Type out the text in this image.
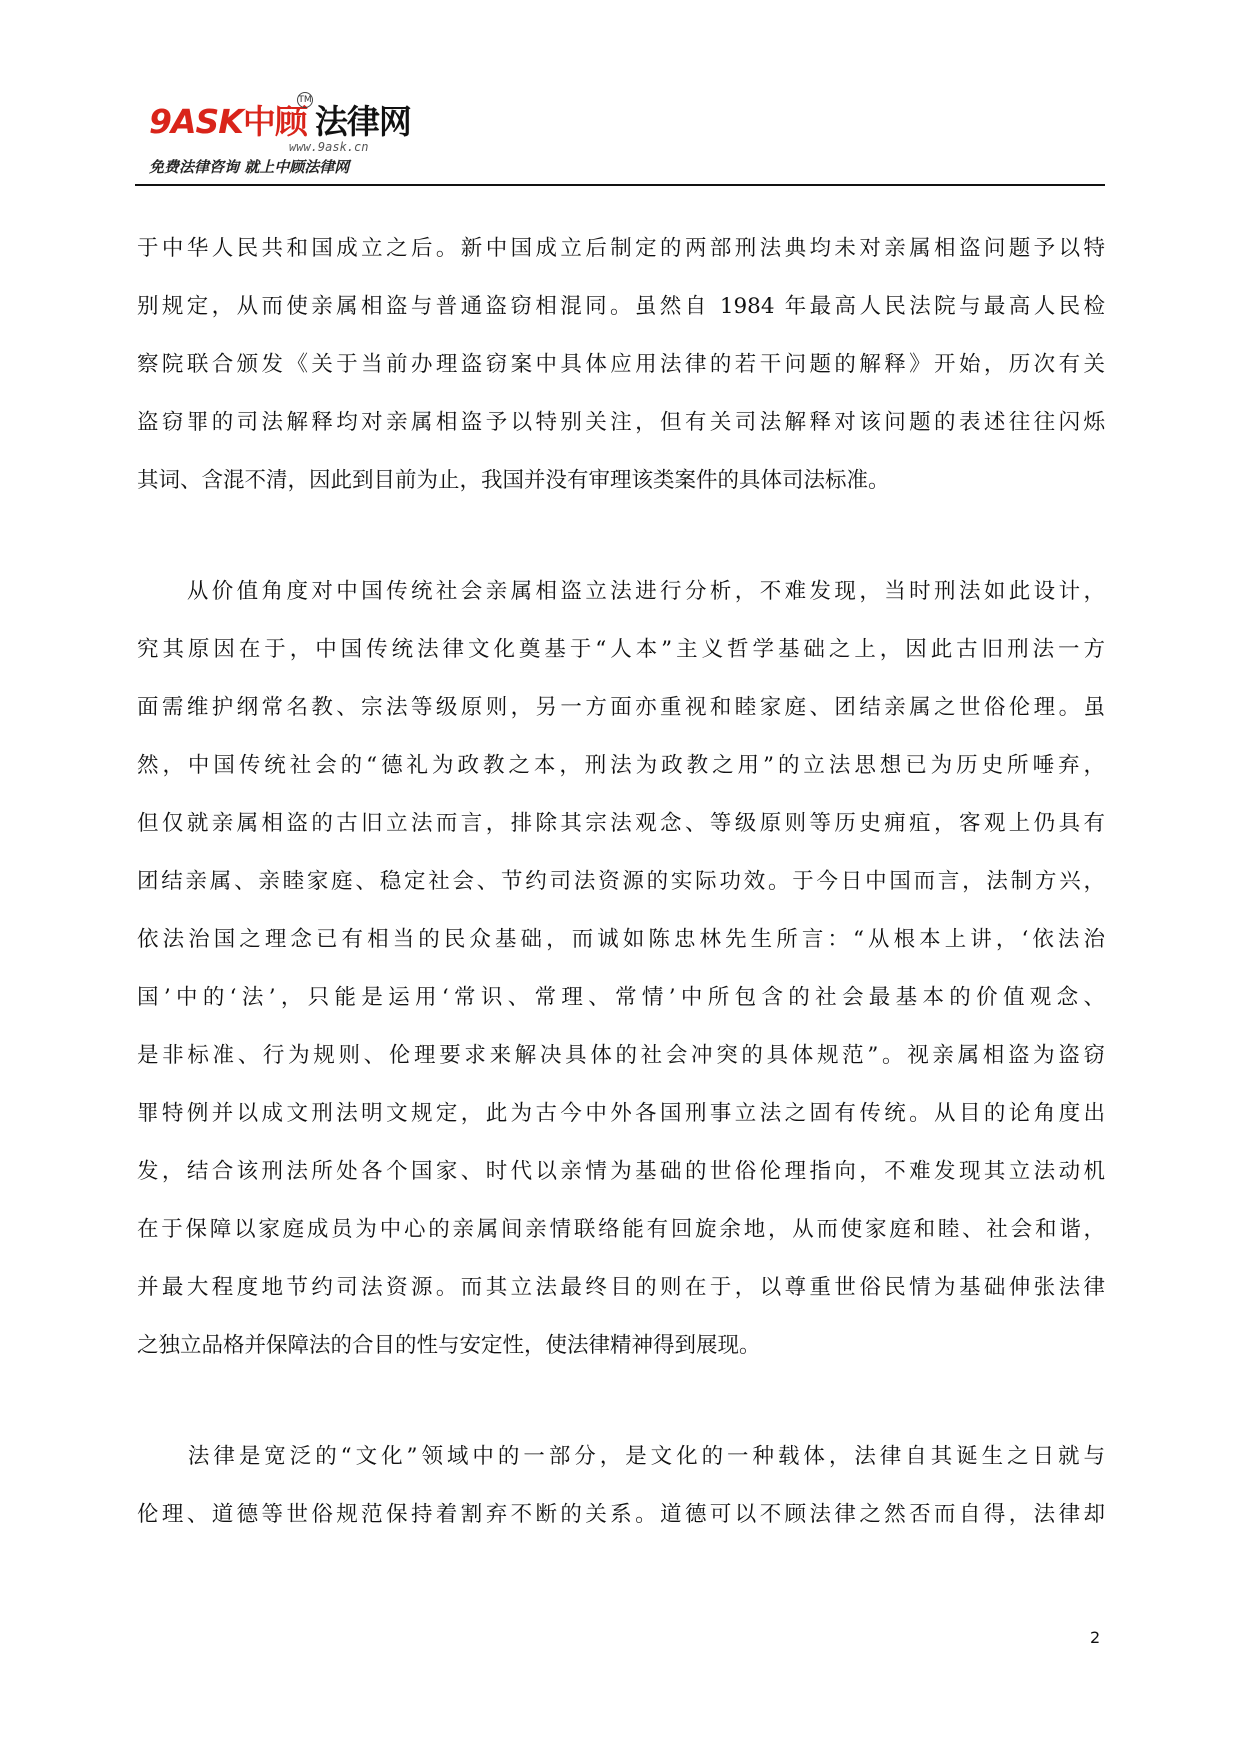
9ASK中顾 法律网
TM
www.9ask.cn
免费法律咨询 就上中顾法律网
于中华人民共和国成立之后。新中国成立后制定的两部刑法典均未对亲属相盗问题予以特
别规定，从而使亲属相盗与普通盗窃相混同。虽然自 1984 年最高人民法院与最高人民检
察院联合颁发《关于当前办理盗窃案中具体应用法律的若干问题的解释》开始，历次有关
盗窃罪的司法解释均对亲属相盗予以特别关注，但有关司法解释对该问题的表述往往闪烁
其词、含混不清，因此到目前为止，我国并没有审理该类案件的具体司法标准。
　　从价值角度对中国传统社会亲属相盗立法进行分析，不难发现，当时刑法如此设计，
究其原因在于，中国传统法律文化奠基于“人本”主义哲学基础之上，因此古旧刑法一方
面需维护纲常名教、宗法等级原则，另一方面亦重视和睦家庭、团结亲属之世俗伦理。虽
然，中国传统社会的“德礼为政教之本，刑法为政教之用”的立法思想已为历史所唾弃，
但仅就亲属相盗的古旧立法而言，排除其宗法观念、等级原则等历史痈疽，客观上仍具有
团结亲属、亲睦家庭、稳定社会、节约司法资源的实际功效。于今日中国而言，法制方兴，
依法治国之理念已有相当的民众基础，而诚如陈忠林先生所言：“从根本上讲，‘依法治
国’中的‘法’，只能是运用‘常识、常理、常情’中所包含的社会最基本的价值观念、
是非标准、行为规则、伦理要求来解决具体的社会冲突的具体规范”。视亲属相盗为盗窃
罪特例并以成文刑法明文规定，此为古今中外各国刑事立法之固有传统。从目的论角度出
发，结合该刑法所处各个国家、时代以亲情为基础的世俗伦理指向，不难发现其立法动机
在于保障以家庭成员为中心的亲属间亲情联络能有回旋余地，从而使家庭和睦、社会和谐，
并最大程度地节约司法资源。而其立法最终目的则在于，以尊重世俗民情为基础伸张法律
之独立品格并保障法的合目的性与安定性，使法律精神得到展现。
　　法律是宽泛的“文化”领域中的一部分，是文化的一种载体，法律自其诞生之日就与
伦理、道德等世俗规范保持着割弃不断的关系。道德可以不顾法律之然否而自得，法律却
2
